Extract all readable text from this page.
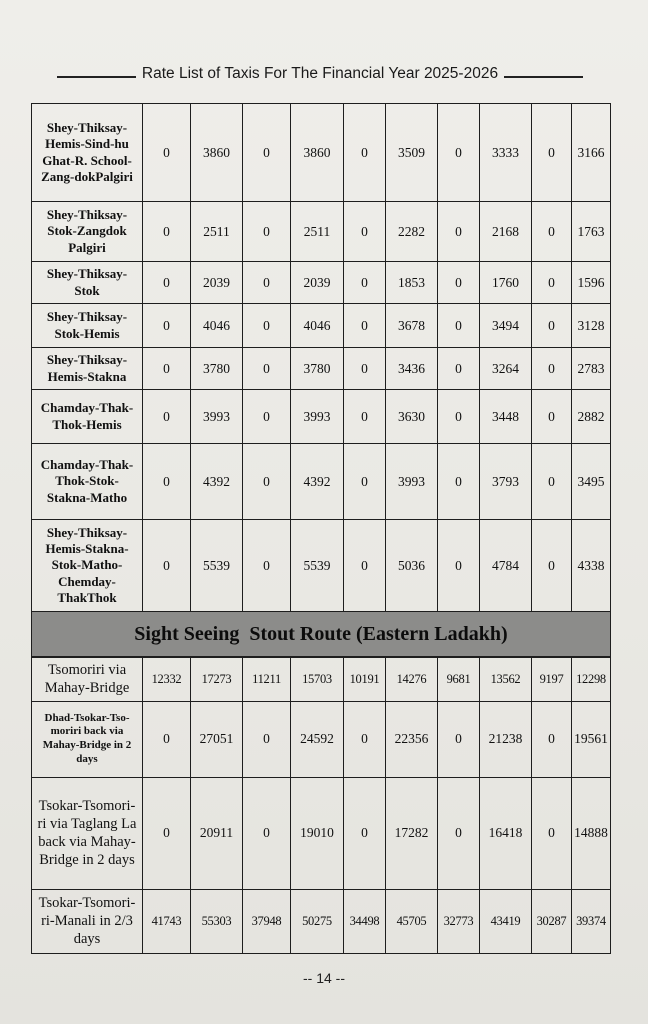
Rate List of Taxis For The Financial Year 2025-2026
Shey-Thiksay-Hemis-Sind-hu Ghat-R. School-Zang-dokPalgiri	0	3860	0	3860	0	3509	0	3333	0	3166
Shey-Thiksay-Stok-Zangdok Palgiri	0	2511	0	2511	0	2282	0	2168	0	1763
Shey-Thiksay-Stok	0	2039	0	2039	0	1853	0	1760	0	1596
Shey-Thiksay-Stok-Hemis	0	4046	0	4046	0	3678	0	3494	0	3128
Shey-Thiksay-Hemis-Stakna	0	3780	0	3780	0	3436	0	3264	0	2783
Chamday-Thak-Thok-Hemis	0	3993	0	3993	0	3630	0	3448	0	2882
Chamday-Thak-Thok-Stok-Stakna-Matho	0	4392	0	4392	0	3993	0	3793	0	3495
Shey-Thiksay-Hemis-Stakna-Stok-Matho-Chemday-ThakThok	0	5539	0	5539	0	5036	0	4784	0	4338
Sight Seeing  Stout Route (Eastern Ladakh)										
Tsomoriri via Mahay-Bridge	12332	17273	11211	15703	10191	14276	9681	13562	9197	12298
Dhad-Tsokar-Tso-moriri back via Mahay-Bridge in 2 days	0	27051	0	24592	0	22356	0	21238	0	19561
Tsokar-Tsomori-ri via Taglang La back via Mahay-Bridge in 2 days	0	20911	0	19010	0	17282	0	16418	0	14888
Tsokar-Tsomori-ri-Manali in 2/3 days	41743	55303	37948	50275	34498	45705	32773	43419	30287	39374
-- 14 --
